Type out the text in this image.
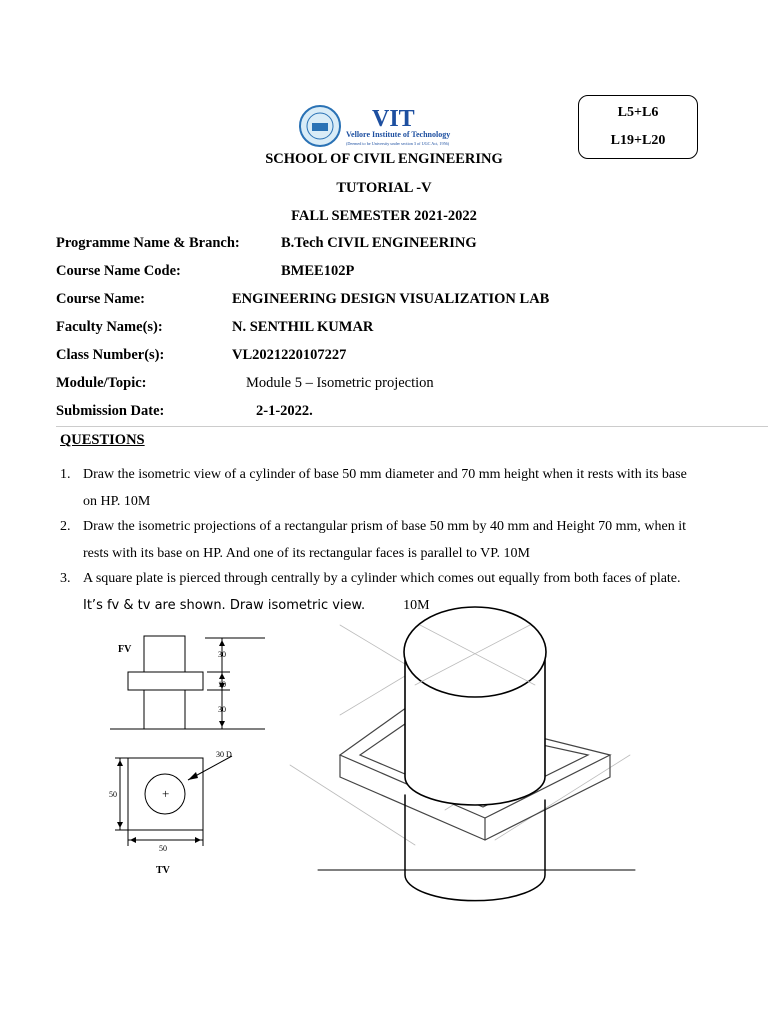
VIT
Vellore Institute of Technology
(Deemed to be University under section 3 of UGC Act, 1956)
L5+L6
L19+L20
SCHOOL OF CIVIL ENGINEERING
TUTORIAL -V
FALL SEMESTER 2021-2022
Programme Name & Branch:	B.Tech CIVIL ENGINEERING
Course Name Code:	BMEE102P
Course Name:	ENGINEERING DESIGN VISUALIZATION LAB
Faculty Name(s):	N. SENTHIL KUMAR
Class Number(s):	VL2021220107227
Module/Topic:	Module 5 – Isometric projection
Submission Date:	2-1-2022.
QUESTIONS
1. Draw the isometric view of a cylinder of base 50 mm diameter and 70 mm height when it rests with its base
on HP. 10M
2. Draw the isometric projections of a rectangular prism of base 50 mm by 40 mm and Height 70 mm, when it
rests with its base on HP. And one of its rectangular faces is parallel to VP. 10M
3. A square plate is pierced through centrally by a cylinder which comes out equally from both faces of plate.
It’s fv & tv are shown. Draw isometric view.	10M
+
FV	30
10
30
30 D
50
50
TV
